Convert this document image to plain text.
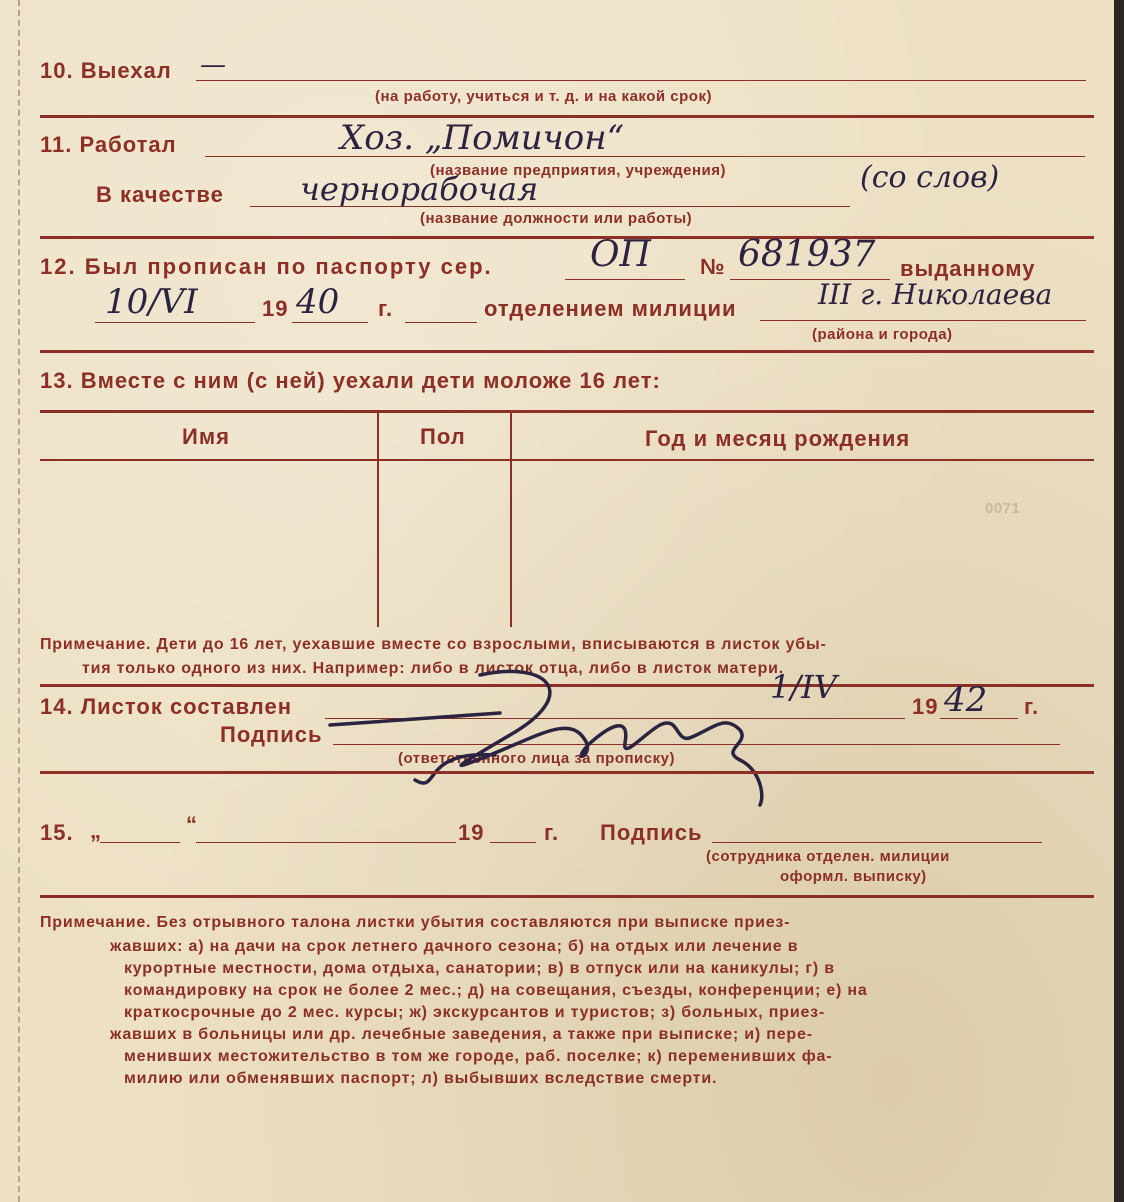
10. Выехал —
(на работу, учиться и т. д. и на какой срок)
11. Работал	Хоз. „Помичон“
(название предприятия, учреждения)
В качестве чернорабочая	(со слов)
(название должности или работы)
12. Был прописан по паспорту сер.	ОП № 681937 выданному
10/VI	19 40 г.	отделением милиции	III г. Николаева
(района и города)
13. Вместе с ним (с ней) уехали дети моложе 16 лет:
Имя	Пол	Год и месяц рождения
0071
Примечание. Дети до 16 лет, уехавшие вместе со взрослыми, вписываются в листок убы-
тия только одного из них. Например: либо в листок отца, либо в листок матери.
14. Листок составлен
1/IV
19 42 г.
Подпись
(ответственного лица за прописку)
15. „	“	19	г. Подпись
(сотрудника отделен. милиции
оформл. выписку)
Примечание. Без отрывного талона листки убытия составляются при выписке приез-
жавших: а) на дачи на срок летнего дачного сезона; б) на отдых или лечение в
курортные местности, дома отдыха, санатории; в) в отпуск или на каникулы; г) в
командировку на срок не более 2 мес.; д) на совещания, съезды, конференции; е) на
краткосрочные до 2 мес. курсы; ж) экскурсантов и туристов; з) больных, приез-
жавших в больницы или др. лечебные заведения, а также при выписке; и) пере-
менивших местожительство в том же городе, раб. поселке; к) переменивших фа-
милию или обменявших паспорт; л) выбывших вследствие смерти.
